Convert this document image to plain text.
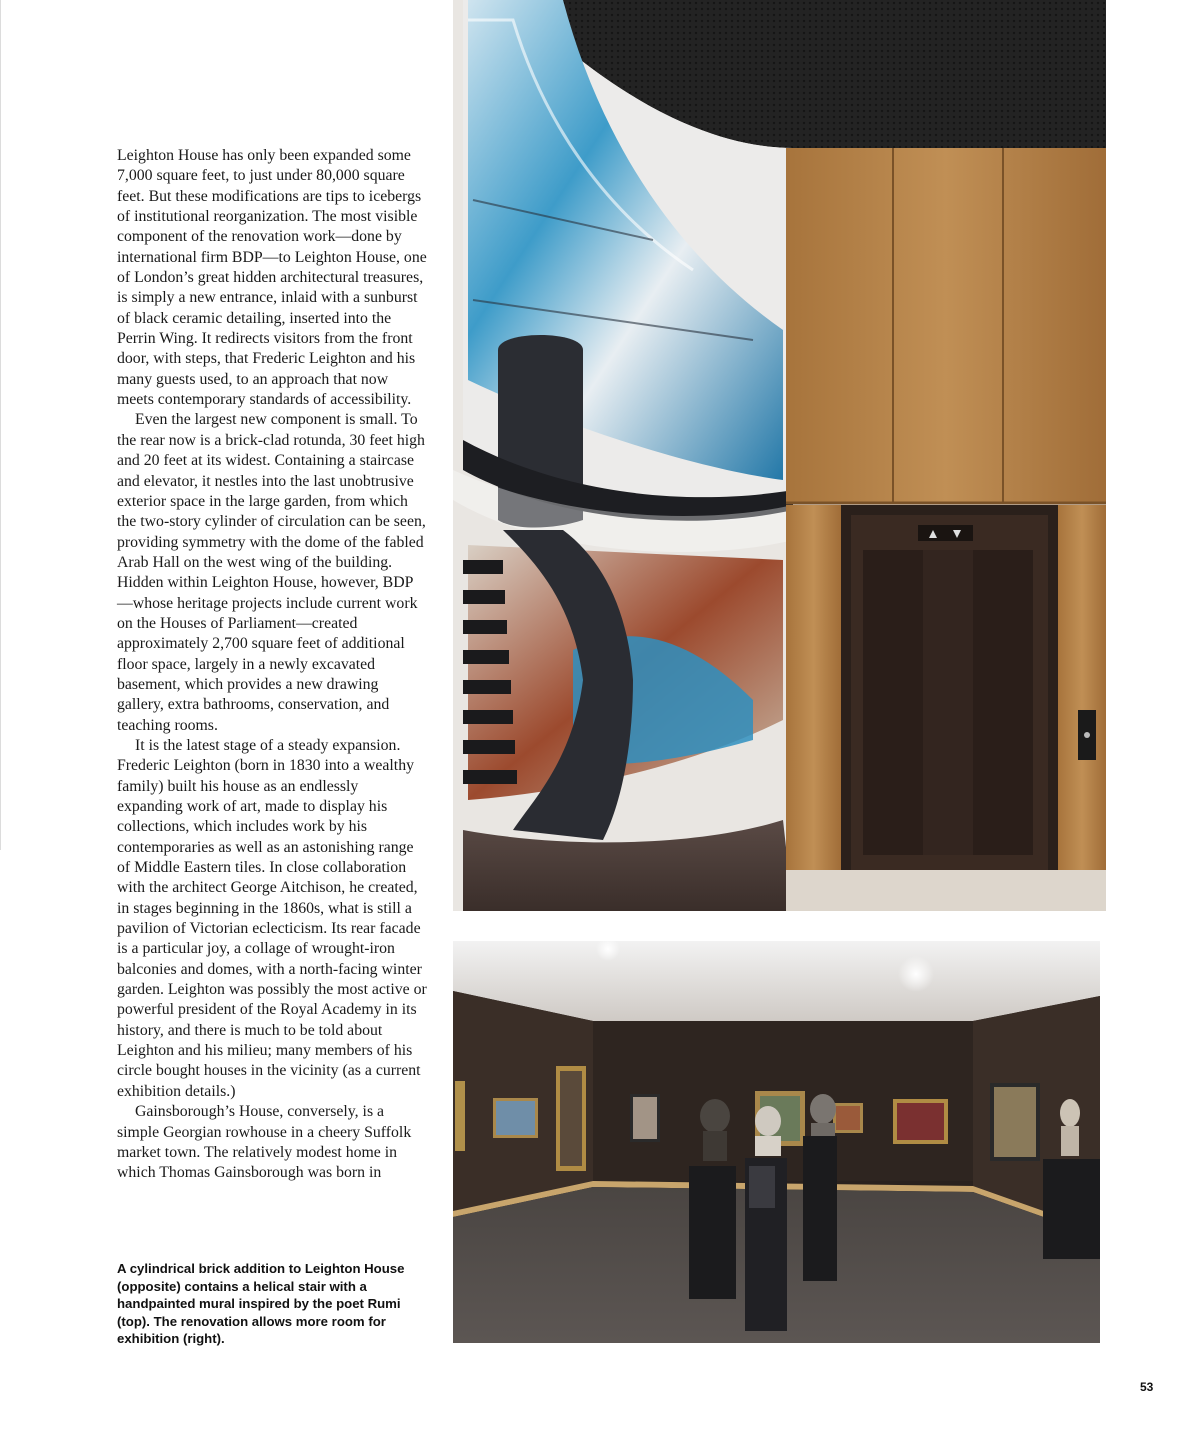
Leighton House has only been expanded some 7,000 square feet, to just under 80,000 square feet. But these modifications are tips to icebergs of institutional reorganization. The most visible component of the renovation work—done by international firm BDP—to Leighton House, one of London’s great hidden architectural treasures, is simply a new entrance, inlaid with a sunburst of black ceramic detailing, inserted into the Perrin Wing. It redirects visitors from the front door, with steps, that Frederic Leighton and his many guests used, to an approach that now meets contemporary standards of accessibility.

Even the largest new component is small. To the rear now is a brick-clad rotunda, 30 feet high and 20 feet at its widest. Containing a staircase and elevator, it nestles into the last unobtrusive exterior space in the large garden, from which the two-story cylinder of circulation can be seen, providing symmetry with the dome of the fabled Arab Hall on the west wing of the building. Hidden within Leighton House, however, BDP—whose heritage projects include current work on the Houses of Parliament—created approximately 2,700 square feet of additional floor space, largely in a newly excavated basement, which provides a new drawing gallery, extra bathrooms, conservation, and teaching rooms.

It is the latest stage of a steady expansion. Frederic Leighton (born in 1830 into a wealthy family) built his house as an endlessly expanding work of art, made to display his collections, which includes work by his contemporaries as well as an astonishing range of Middle Eastern tiles. In close collaboration with the architect George Aitchison, he created, in stages beginning in the 1860s, what is still a pavilion of Victorian eclecticism. Its rear facade is a particular joy, a collage of wrought-iron balconies and domes, with a north-facing winter garden. Leighton was possibly the most active or powerful president of the Royal Academy in its history, and there is much to be told about Leighton and his milieu; many members of his circle bought houses in the vicinity (as a current exhibition details.)

Gainsborough’s House, conversely, is a simple Georgian rowhouse in a cheery Suffolk market town. The relatively modest home in which Thomas Gainsborough was born in

A cylindrical brick addition to Leighton House (opposite) contains a helical stair with a handpainted mural inspired by the poet Rumi (top). The renovation allows more room for exhibition (right).
53
